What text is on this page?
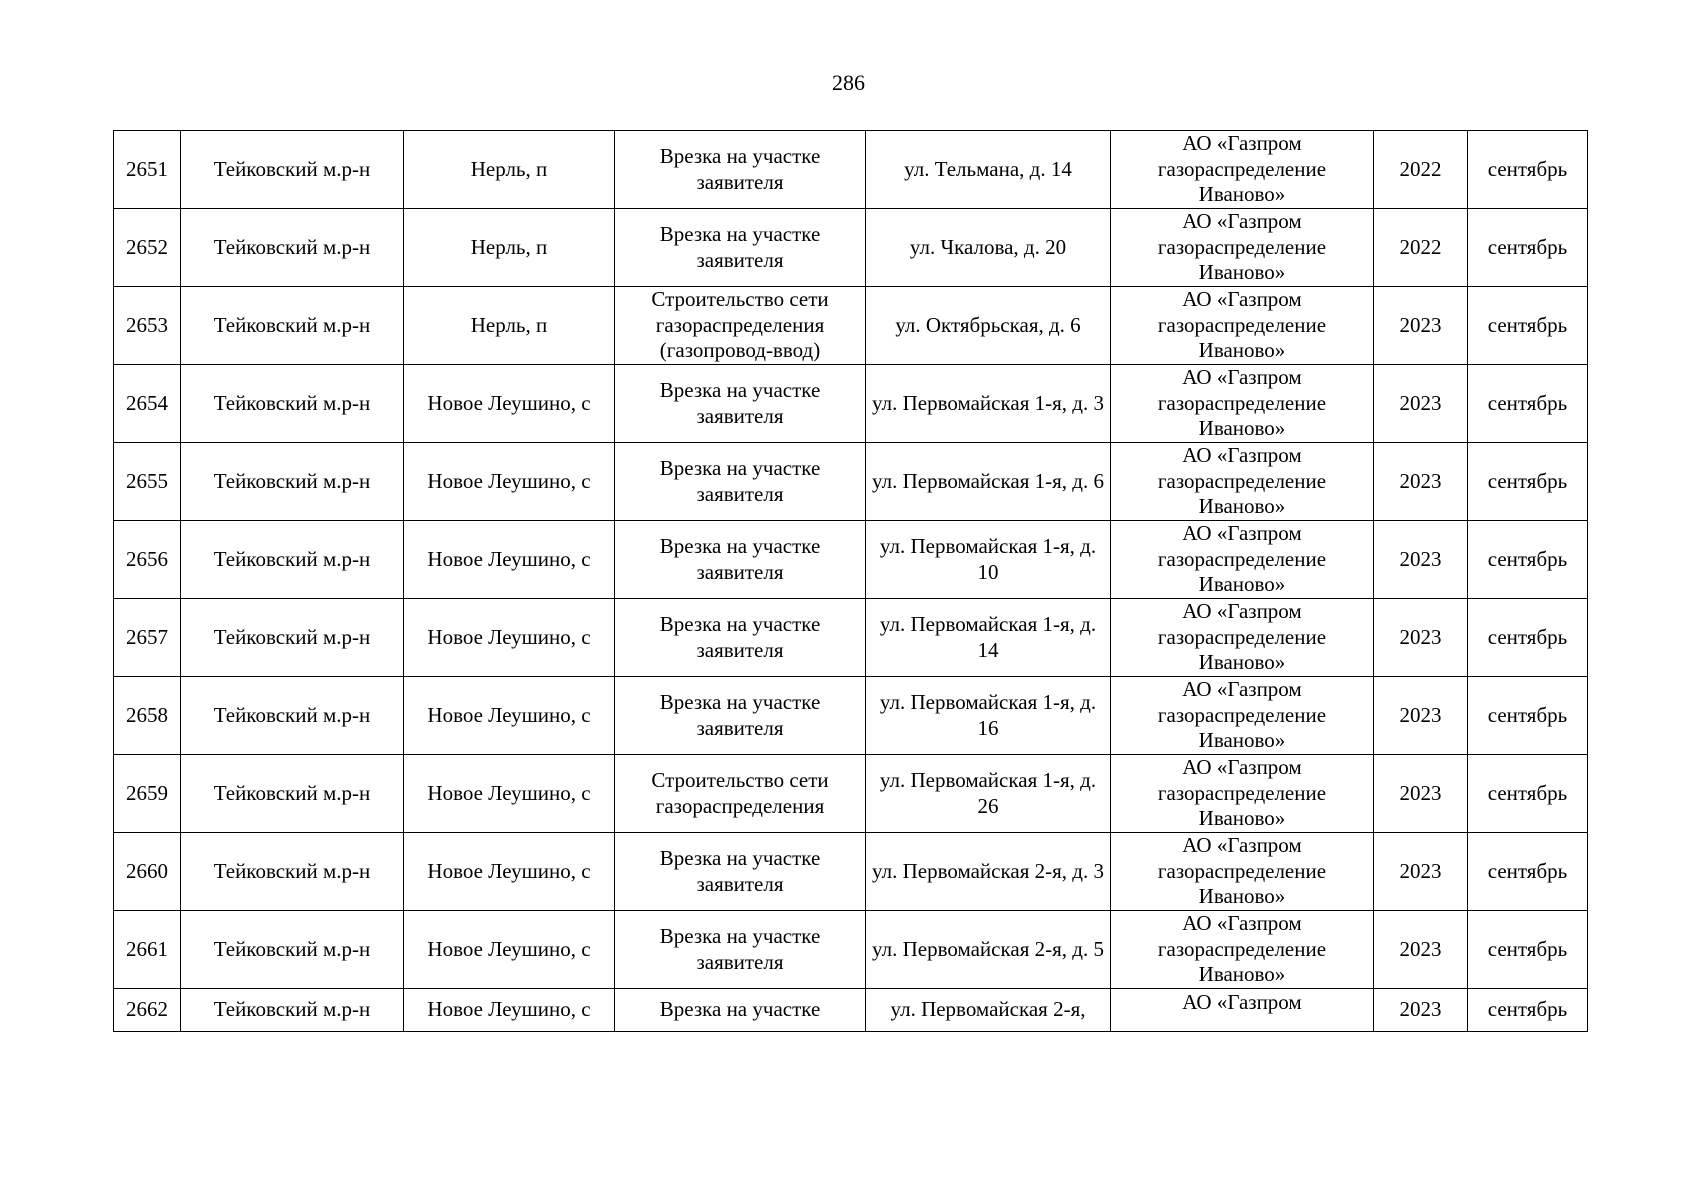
286
2651	Тейковский м.р-н	Нерль, п	Врезка на участке заявителя	ул. Тельмана, д. 14	АО «Газпром газораспределение Иваново»	2022	сентябрь
2652	Тейковский м.р-н	Нерль, п	Врезка на участке заявителя	ул. Чкалова, д. 20	АО «Газпром газораспределение Иваново»	2022	сентябрь
2653	Тейковский м.р-н	Нерль, п	Строительство сети газораспределения (газопровод-ввод)	ул. Октябрьская, д. 6	АО «Газпром газораспределение Иваново»	2023	сентябрь
2654	Тейковский м.р-н	Новое Леушино, с	Врезка на участке заявителя	ул. Первомайская 1-я, д. 3	АО «Газпром газораспределение Иваново»	2023	сентябрь
2655	Тейковский м.р-н	Новое Леушино, с	Врезка на участке заявителя	ул. Первомайская 1-я, д. 6	АО «Газпром газораспределение Иваново»	2023	сентябрь
2656	Тейковский м.р-н	Новое Леушино, с	Врезка на участке заявителя	ул. Первомайская 1-я, д. 10	АО «Газпром газораспределение Иваново»	2023	сентябрь
2657	Тейковский м.р-н	Новое Леушино, с	Врезка на участке заявителя	ул. Первомайская 1-я, д. 14	АО «Газпром газораспределение Иваново»	2023	сентябрь
2658	Тейковский м.р-н	Новое Леушино, с	Врезка на участке заявителя	ул. Первомайская 1-я, д. 16	АО «Газпром газораспределение Иваново»	2023	сентябрь
2659	Тейковский м.р-н	Новое Леушино, с	Строительство сети газораспределения	ул. Первомайская 1-я, д. 26	АО «Газпром газораспределение Иваново»	2023	сентябрь
2660	Тейковский м.р-н	Новое Леушино, с	Врезка на участке заявителя	ул. Первомайская 2-я, д. 3	АО «Газпром газораспределение Иваново»	2023	сентябрь
2661	Тейковский м.р-н	Новое Леушино, с	Врезка на участке заявителя	ул. Первомайская 2-я, д. 5	АО «Газпром газораспределение Иваново»	2023	сентябрь
2662	Тейковский м.р-н	Новое Леушино, с	Врезка на участке	ул. Первомайская 2-я,	АО «Газпром	2023	сентябрь
